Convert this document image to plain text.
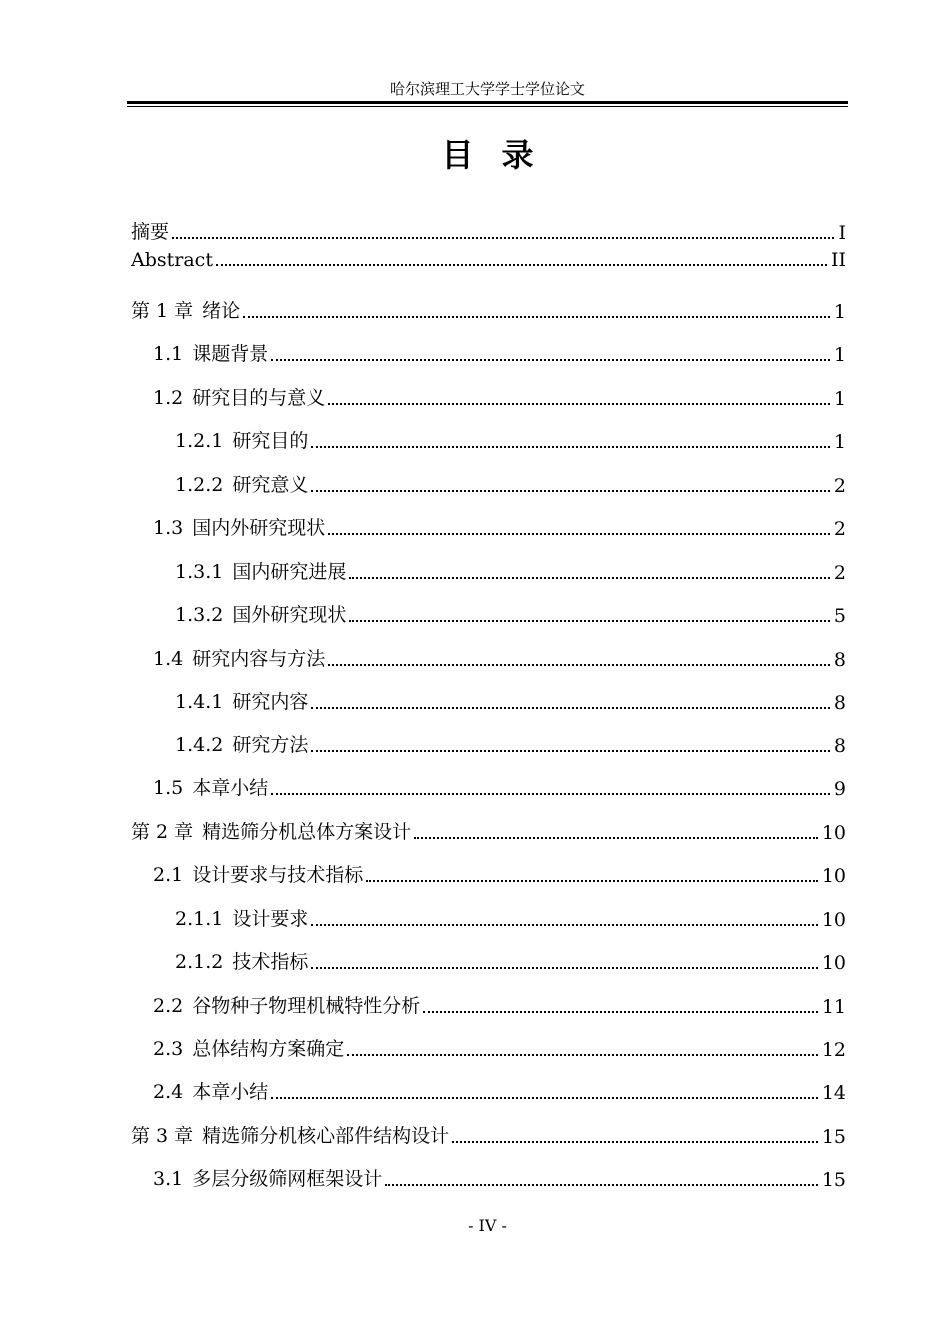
哈尔滨理工大学学士学位论文
目录
摘要	I
Abstract	II
第 1 章 绪论	1
1.1 课题背景	1
1.2 研究目的与意义	1
1.2.1 研究目的	1
1.2.2 研究意义	2
1.3 国内外研究现状	2
1.3.1 国内研究进展	2
1.3.2 国外研究现状	5
1.4 研究内容与方法	8
1.4.1 研究内容	8
1.4.2 研究方法	8
1.5 本章小结	9
第 2 章 精选筛分机总体方案设计	10
2.1 设计要求与技术指标	10
2.1.1 设计要求	10
2.1.2 技术指标	10
2.2 谷物种子物理机械特性分析	11
2.3 总体结构方案确定	12
2.4 本章小结	14
第 3 章 精选筛分机核心部件结构设计	15
3.1 多层分级筛网框架设计	15
- IV -
